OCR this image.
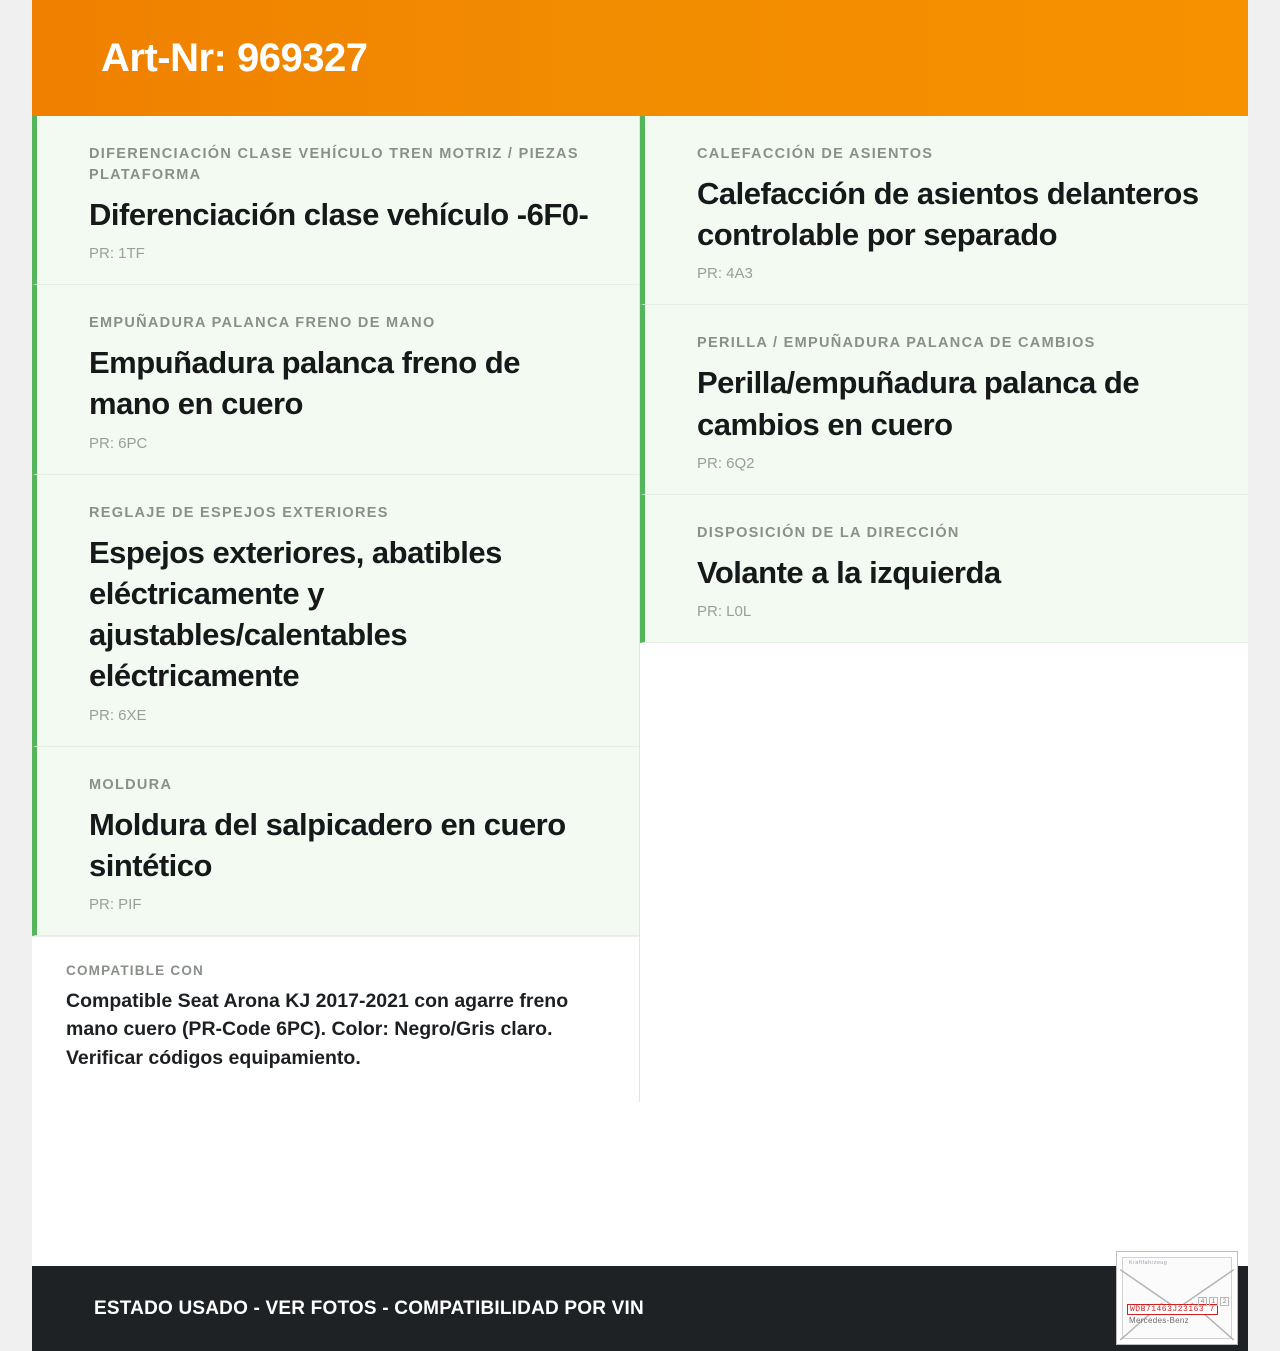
Art-Nr: 969327

DIFERENCIACIÓN CLASE VEHÍCULO TREN MOTRIZ / PIEZAS PLATAFORMA

Diferenciación clase vehículo -6F0-

PR: 1TF

EMPUÑADURA PALANCA FRENO DE MANO

Empuñadura palanca freno de mano en cuero

PR: 6PC

REGLAJE DE ESPEJOS EXTERIORES

Espejos exteriores, abatibles eléctricamente y ajustables/calentables eléctricamente

PR: 6XE

MOLDURA

Moldura del salpicadero en cuero sintético

PR: PIF

COMPATIBLE CON

Compatible Seat Arona KJ 2017-2021 con agarre freno mano cuero (PR-Code 6PC). Color: Negro/Gris claro. Verificar códigos equipamiento.

CALEFACCIÓN DE ASIENTOS

Calefacción de asientos delanteros controlable por separado

PR: 4A3

PERILLA / EMPUÑADURA PALANCA DE CAMBIOS

Perilla/empuñadura palanca de cambios en cuero

PR: 6Q2

DISPOSICIÓN DE LA DIRECCIÓN

Volante a la izquierda

PR: L0L

ESTADO USADO - VER FOTOS - COMPATIBILIDAD POR VIN
Kraftfahrzeug
WDB71463J23163 7
Mercedes-Benz
4	1	2
